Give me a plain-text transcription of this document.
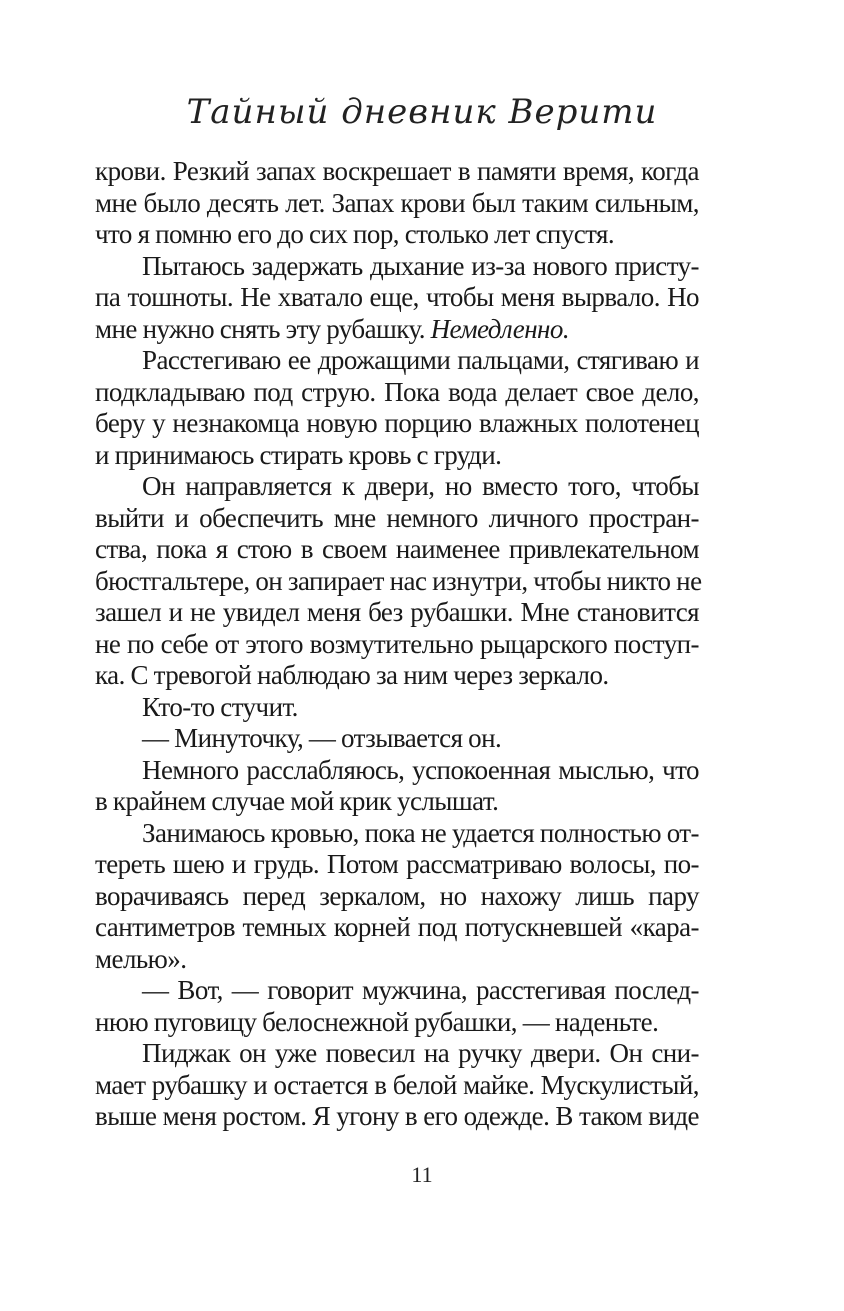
Тайный дневник Верити
крови. Резкий запах воскрешает в памяти время, когда
мне было десять лет. Запах крови был таким сильным,
что я помню его до сих пор, столько лет спустя.
Пытаюсь задержать дыхание из-за нового присту-
па тошноты. Не хватало еще, чтобы меня вырвало. Но
мне нужно снять эту рубашку. Немедленно.
Расстегиваю ее дрожащими пальцами, стягиваю и
подкладываю под струю. Пока вода делает свое дело,
беру у незнакомца новую порцию влажных полотенец
и принимаюсь стирать кровь с груди.
Он направляется к двери, но вместо того, чтобы
выйти и обеспечить мне немного личного простран-
ства, пока я стою в своем наименее привлекательном
бюстгальтере, он запирает нас изнутри, чтобы никто не
зашел и не увидел меня без рубашки. Мне становится
не по себе от этого возмутительно рыцарского поступ-
ка. С тревогой наблюдаю за ним через зеркало.
Кто-то стучит.
— Минуточку, — отзывается он.
Немного расслабляюсь, успокоенная мыслью, что
в крайнем случае мой крик услышат.
Занимаюсь кровью, пока не удается полностью от-
тереть шею и грудь. Потом рассматриваю волосы, по-
ворачиваясь перед зеркалом, но нахожу лишь пару
сантиметров темных корней под потускневшей «кара-
мелью».
— Вот, — говорит мужчина, расстегивая послед-
нюю пуговицу белоснежной рубашки, — наденьте.
Пиджак он уже повесил на ручку двери. Он сни-
мает рубашку и остается в белой майке. Мускулистый,
выше меня ростом. Я угону в его одежде. В таком виде
11
